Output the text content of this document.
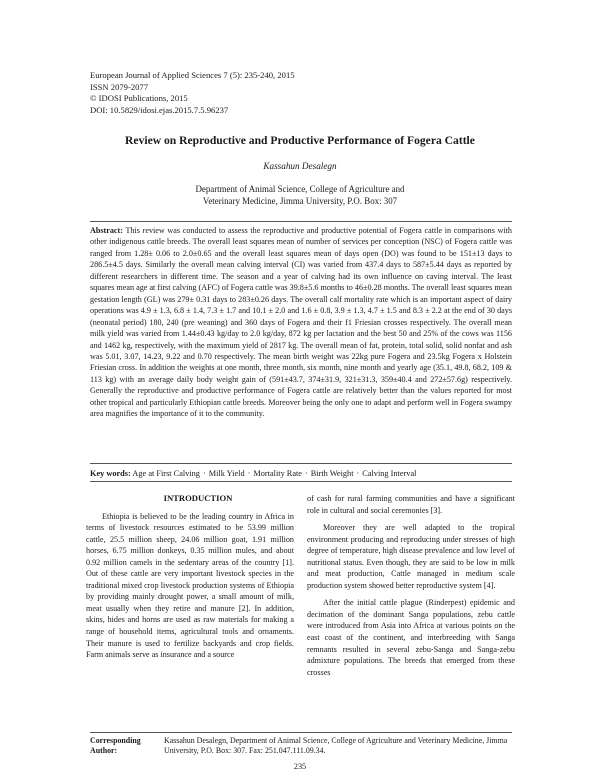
European Journal of Applied Sciences 7 (5): 235-240, 2015
ISSN 2079-2077
© IDOSI Publications, 2015
DOI: 10.5829/idosi.ejas.2015.7.5.96237
Review on Reproductive and Productive Performance of Fogera Cattle
Kassahun Desalegn
Department of Animal Science, College of Agriculture and
Veterinary Medicine, Jimma University, P.O. Box: 307
Abstract: This review was conducted to assess the reproductive and productive potential of Fogera cattle in comparisons with other indigenous cattle breeds. The overall least squares mean of number of services per conception (NSC) of Fogera cattle was ranged from 1.28± 0.06 to 2.0±0.65 and the overall least squares mean of days open (DO) was found to be 151±13 days to 286.5±4.5 days. Similarly the overall mean calving interval (CI) was varied from 437.4 days to 587±5.44 days as reported by different researchers in different time. The season and a year of calving had its own influence on caving interval. The least squares mean age at first calving (AFC) of Fogera cattle was 39.8±5.6 months to 46±0.28 months. The overall least squares mean gestation length (GL) was 279± 0.31 days to 283±0.26 days. The overall calf mortality rate which is an important aspect of dairy operations was 4.9 ± 1.3, 6.8 ± 1.4, 7.3 ± 1.7 and 10.1 ± 2.0 and 1.6 ± 0.8, 3.9 ± 1.3, 4.7 ± 1.5 and 8.3 ± 2.2 at the end of 30 days (neonatal period) 180, 240 (pre weaning) and 360 days of Fogera and their f1 Friesian crosses respectively. The overall mean milk yield was varied from 1.44±0.43 kg/day to 2.0 kg/day, 872 kg per lactation and the best 50 and 25% of the cows was 1156 and 1462 kg, respectively, with the maximum yield of 2817 kg. The overall mean of fat, protein, total solid, solid nonfat and ash was 5.01, 3.07, 14.23, 9.22 and 0.70 respectively. The mean birth weight was 22kg pure Fogera and 23.5kg Fogera x Holstein Friesian cross. In addition the weights at one month, three month, six month, nine month and yearly age (35.1, 49.8, 68.2, 109 & 113 kg) with an average daily body weight gain of (591±43.7, 374±31.9, 321±31.3, 359±40.4 and 272±57.6g) respectively. Generally the reproductive and productive performance of Fogera cattle are relatively better than the values reported for most other tropical and particularly Ethiopian cattle breeds. Moreover being the only one to adapt and perform well in Fogera swampy area magnifies the importance of it to the community.
Key words: Age at First Calving · Milk Yield · Mortality Rate · Birth Weight · Calving Interval

INTRODUCTION

Ethiopia is believed to be the leading country in Africa in terms of livestock resources estimated to be 53.99 million cattle, 25.5 million sheep, 24.06 million goat, 1.91 million horses, 6.75 million donkeys, 0.35 million mules, and about 0.92 million camels in the sedentary areas of the country [1]. Out of these cattle are very important livestock species in the traditional mixed crop livestock production systems of Ethiopia by providing mainly drought power, a small amount of milk, meat usually when they retire and manure [2]. In addition, skins, hides and horns are used as raw materials for making a range of household items, agricultural tools and ornaments. Their manure is used to fertilize backyards and crop fields. Farm animals serve as insurance and a source

of cash for rural farming communities and have a significant role in cultural and social ceremonies [3].

Moreover they are well adapted to the tropical environment producing and reproducing under stresses of high degree of temperature, high disease prevalence and low level of nutritional status. Even though, they are said to be low in milk and meat production, Cattle managed in medium scale production system showed better reproductive system [4].

After the initial cattle plague (Rinderpest) epidemic and decimation of the dominant Sanga populations, zebu cattle were introduced from Asia into Africa at various points on the east coast of the continent, and interbreeding with Sanga remnants resulted in several zebu-Sanga and Sanga-zebu admixture populations. The breeds that emerged from these crosses

Corresponding Author:
Kassahun Desalegn, Department of Animal Science, College of Agriculture and Veterinary Medicine, Jimma University, P.O. Box: 307. Fax: 251.047.111.09.34.
235
